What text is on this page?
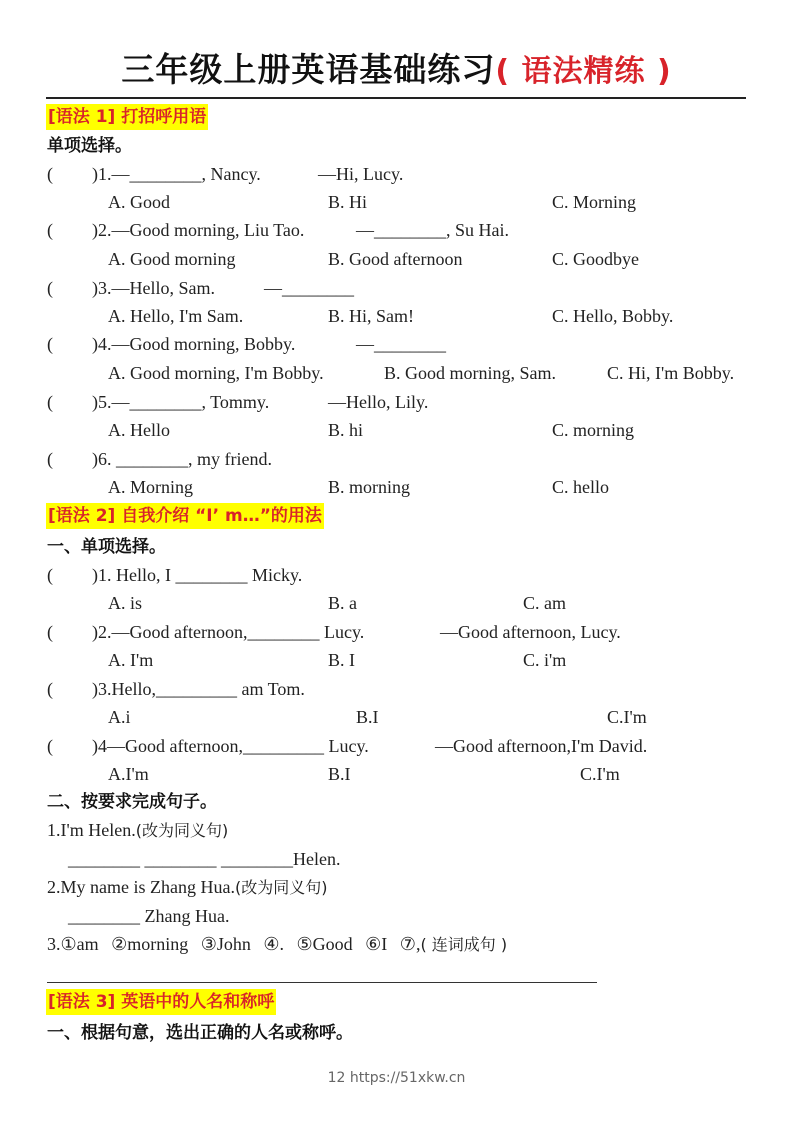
三年级上册英语基础练习( 语法精练 )
[语法 1] 打招呼用语
单项选择。
( )1.—________, Nancy.	—Hi, Lucy.
A. Good	B. Hi	C. Morning
( )2.—Good morning, Liu Tao.	—________, Su Hai.
A. Good morning	B. Good afternoon	C. Goodbye
( )3.—Hello, Sam.	—________
A. Hello, I'm Sam.	B. Hi, Sam!	C. Hello, Bobby.
( )4.—Good morning, Bobby.	—________
A. Good morning, I'm Bobby.	B. Good morning, Sam.	C. Hi, I'm Bobby.
( )5.—________, Tommy.	—Hello, Lily.
A. Hello	B. hi	C. morning
( )6. ________, my friend.
A. Morning	B. morning	C. hello
[语法 2] 自我介绍 “I’ m…”的用法
一、单项选择。
( )1. Hello, I ________ Micky.
A. is	B. a	C. am
( )2.—Good afternoon,________ Lucy.	—Good afternoon, Lucy.
A. I'm	B. I	C. i'm
( )3.Hello,_________ am Tom.
A.i	B.I	C.I'm
( )4—Good afternoon,_________ Lucy.	—Good afternoon,I'm David.
A.I'm	B.I	C.I'm
二、按要求完成句子。
1.I'm Helen.(改为同义句)
________ ________ ________Helen.
2.My name is Zhang Hua.(改为同义句)
________ Zhang Hua.
3.①am ②morning ③John ④. ⑤Good ⑥I ⑦,( 连词成句 )
[语法 3] 英语中的人名和称呼
一、根据句意，选出正确的人名或称呼。
12 https://51xkw.cn
